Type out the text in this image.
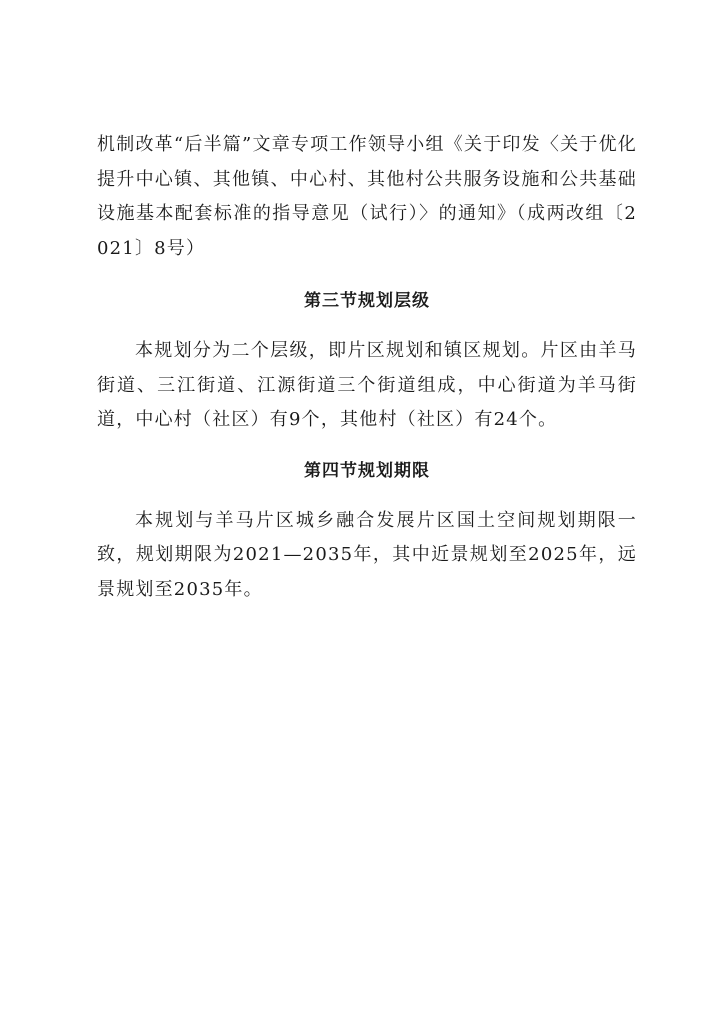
机制改革“后半篇”文章专项工作领导小组《关于印发〈关于优化提升中心镇、其他镇、中心村、其他村公共服务设施和公共基础设施基本配套标准的指导意见（试行）〉的通知》（成两改组〔2021〕8号）

第三节规划层级

本规划分为二个层级，即片区规划和镇区规划。片区由羊马街道、三江街道、江源街道三个街道组成，中心街道为羊马街道，中心村（社区）有9个，其他村（社区）有24个。

第四节规划期限

本规划与羊马片区城乡融合发展片区国土空间规划期限一致，规划期限为2021—2035年，其中近景规划至2025年，远景规划至2035年。
